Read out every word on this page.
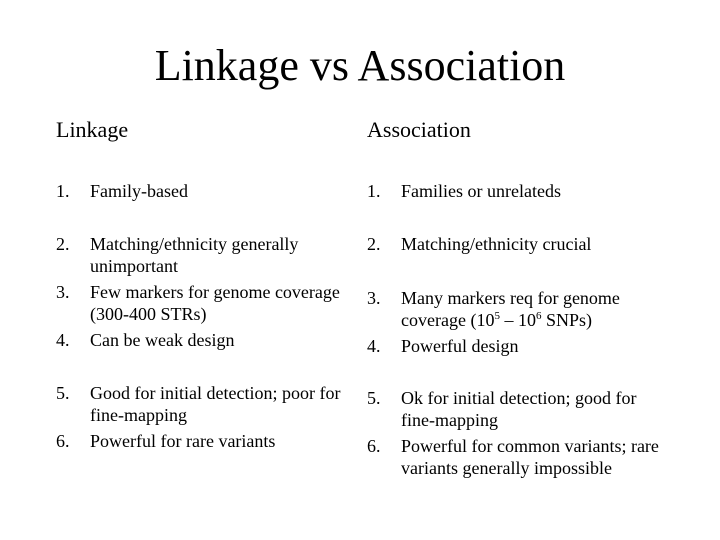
Linkage vs Association
Linkage	Association
1. Family-based
2. Matching/ethnicity generally unimportant
3. Few markers for genome coverage (300-400 STRs)
4. Can be weak design
5. Good for initial detection; poor for fine-mapping
6. Powerful for rare variants
1. Families or unrelateds
2. Matching/ethnicity crucial
3. Many markers req for genome coverage ($10^5 - 10^6$ SNPs)
4. Powerful design
5. Ok for initial detection; good for fine-mapping
6. Powerful for common variants; rare variants generally impossible
